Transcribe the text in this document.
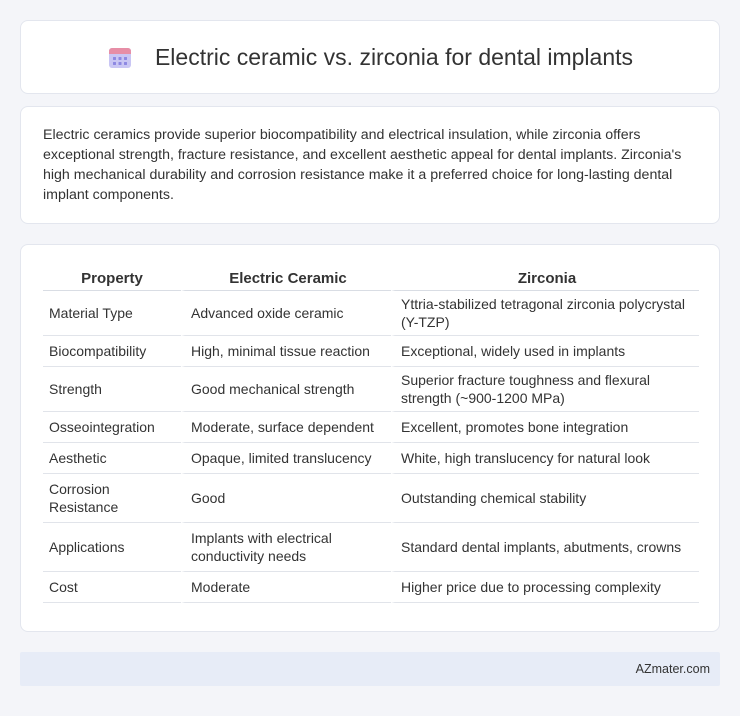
Electric ceramic vs. zirconia for dental implants

Electric ceramics provide superior biocompatibility and electrical insulation, while zirconia offers exceptional strength, fracture resistance, and excellent aesthetic appeal for dental implants. Zirconia's high mechanical durability and corrosion resistance make it a preferred choice for long-lasting dental implant components.

Property	Electric Ceramic	Zirconia
Material Type	Advanced oxide ceramic	Yttria-stabilized tetragonal zirconia polycrystal (Y-TZP)
Biocompatibility	High, minimal tissue reaction	Exceptional, widely used in implants
Strength	Good mechanical strength	Superior fracture toughness and flexural strength (~900-1200 MPa)
Osseointegration	Moderate, surface dependent	Excellent, promotes bone integration
Aesthetic	Opaque, limited translucency	White, high translucency for natural look
Corrosion Resistance	Good	Outstanding chemical stability
Applications	Implants with electrical conductivity needs	Standard dental implants, abutments, crowns
Cost	Moderate	Higher price due to processing complexity
AZmater.com
